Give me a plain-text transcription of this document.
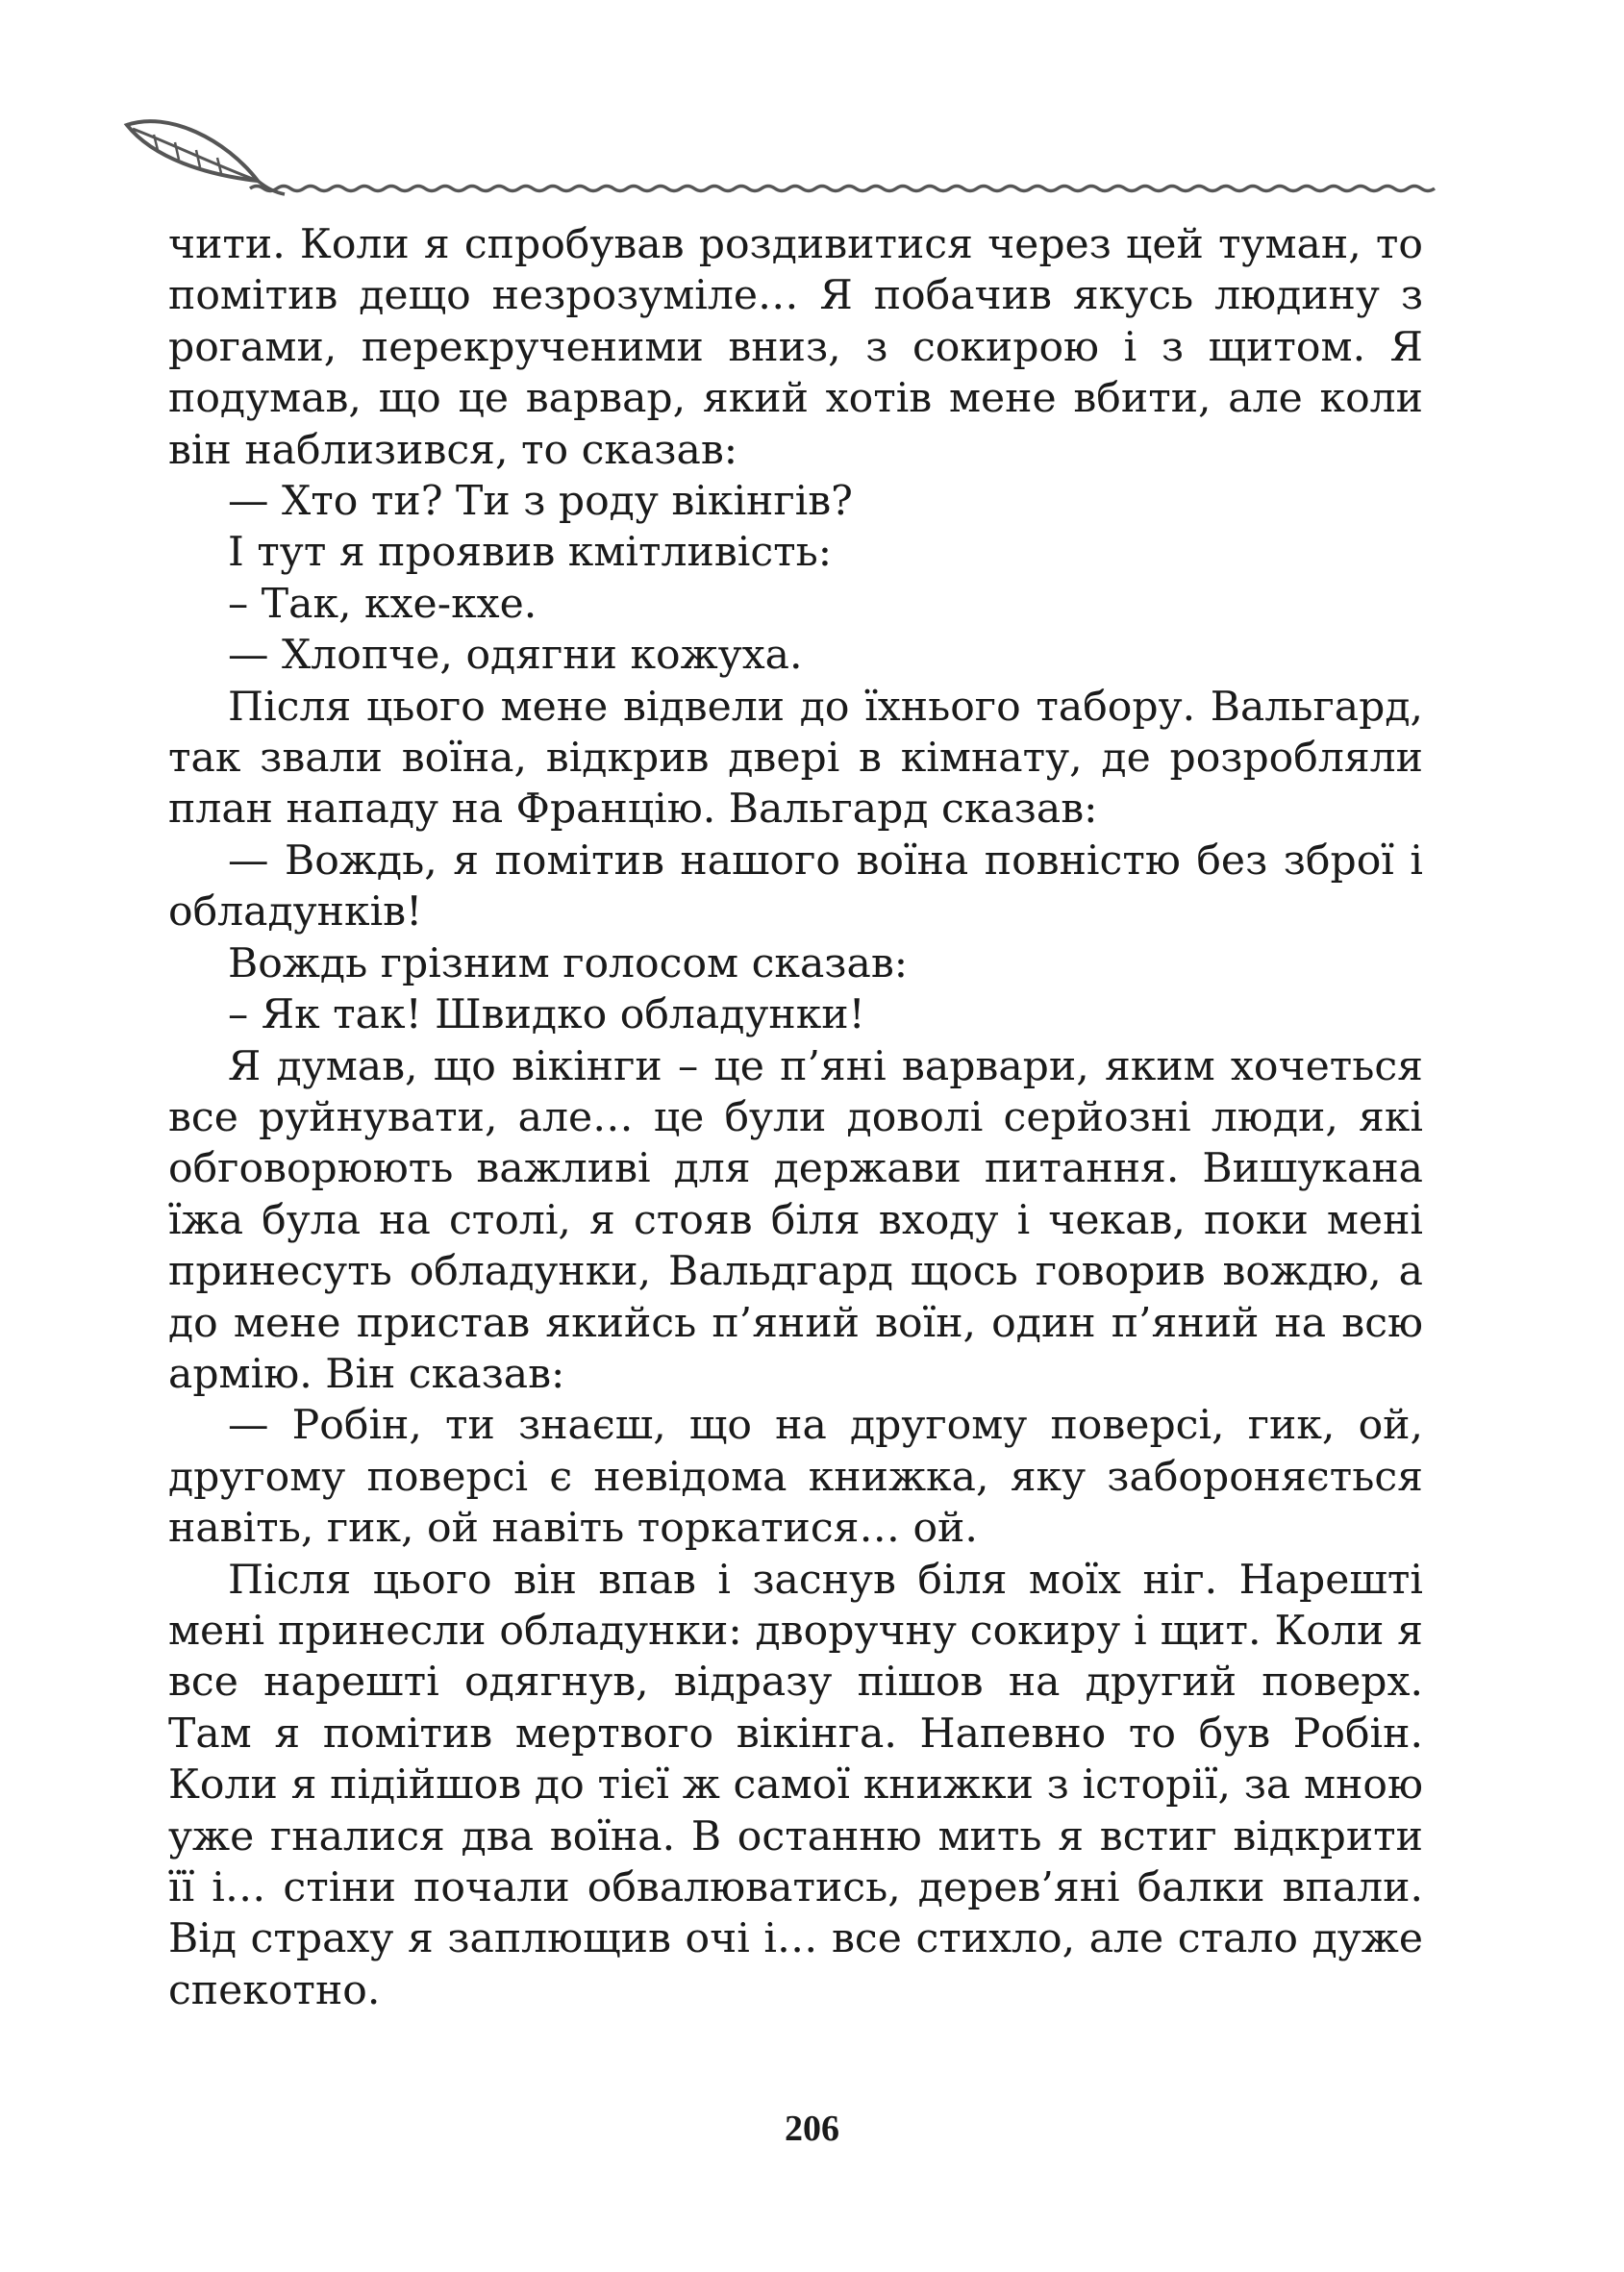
чити. Коли я спробував роздивитися через цей туман, то помітив дещо незрозуміле… Я побачив якусь людину з рогами, перекрученими вниз, з сокирою і з щитом. Я подумав, що це варвар, який хотів мене вбити, але коли він наблизився, то сказав:

— Хто ти? Ти з роду вікінгів?

І тут я проявив кмітливість:

– Так, кхе-кхе.

— Хлопче, одягни кожуха.

Після цього мене відвели до їхнього табору. Вальгард, так звали воїна, відкрив двері в кімнату, де розробляли план нападу на Францію. Вальгард сказав:

— Вождь, я помітив нашого воїна повністю без зброї і обладунків!

Вождь грізним голосом сказав:

– Як так! Швидко обладунки!

Я думав, що вікінги – це п’яні варвари, яким хочеться все руйнувати, але… це були доволі серйозні люди, які обговорюють важливі для держави питання. Вишукана їжа була на столі, я стояв біля входу і чекав, поки мені принесуть обладунки, Вальдгард щось говорив вождю, а до мене пристав якийсь п’яний воїн, один п’яний на всю армію. Він сказав:

— Робін, ти знаєш, що на другому поверсі, гик, ой, другому поверсі є невідома книжка, яку забороняється навіть, гик, ой навіть торкатися… ой.

Після цього він впав і заснув біля моїх ніг. Нарешті мені принесли обладунки: дворучну сокиру і щит. Коли я все нарешті одягнув, відразу пішов на другий поверх. Там я помітив мертвого вікінга. Напевно то був Робін. Коли я підійшов до тієї ж самої книжки з історії, за мною уже гналися два воїна. В останню мить я встиг відкрити її і… стіни почали обвалюватись, дерев’яні балки впали. Від страху я заплющив очі і… все стихло, але стало дуже спекотно.

206
